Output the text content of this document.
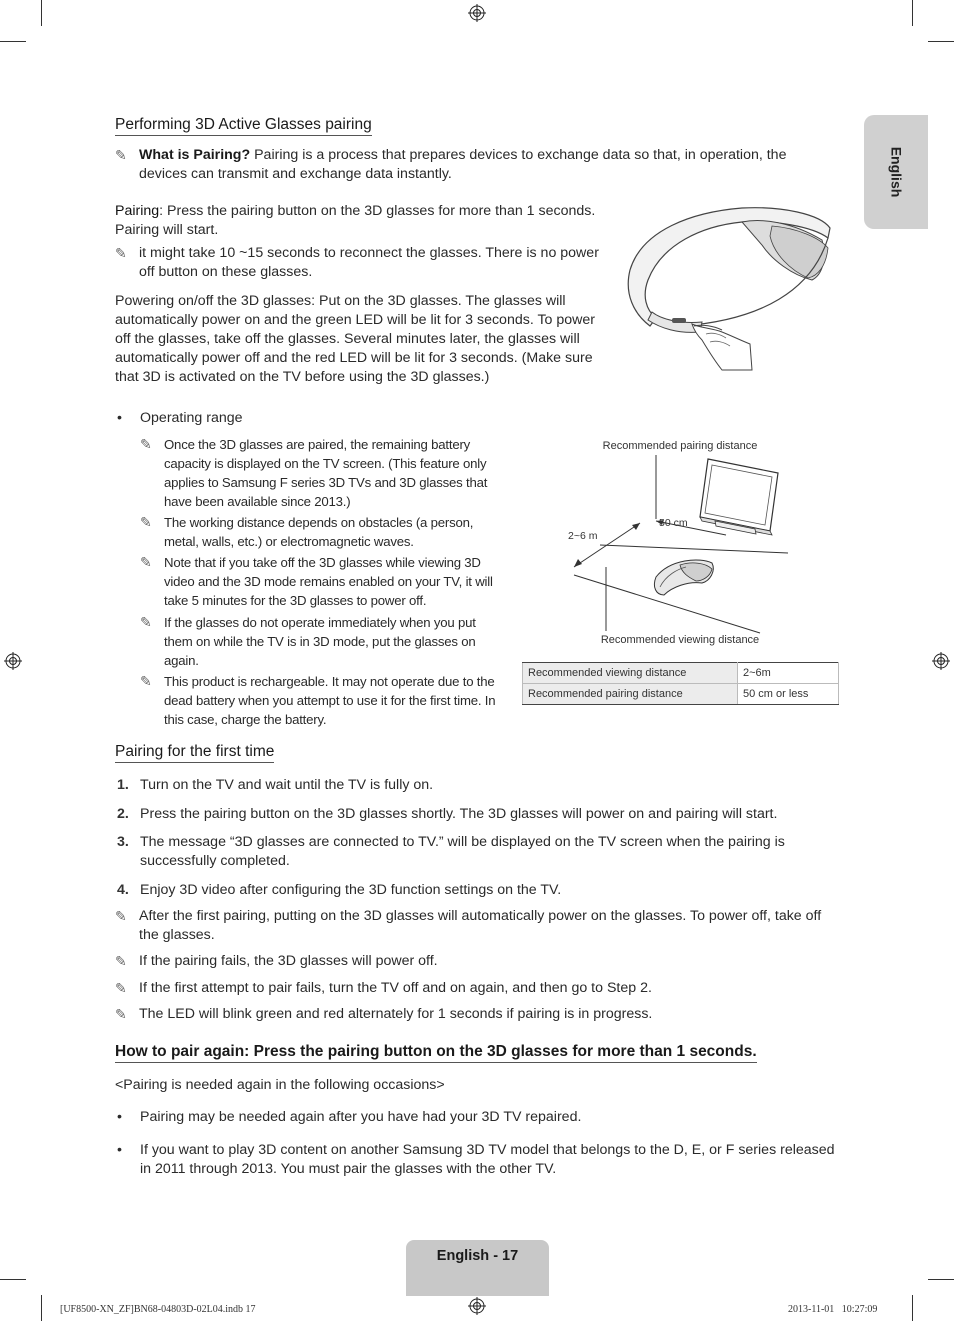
English
Performing 3D Active Glasses pairing
✎ What is Pairing? Pairing is a process that prepares devices to exchange data so that, in operation, the devices can transmit and exchange data instantly.
Pairing: Press the pairing button on the 3D glasses for more than 1 seconds. Pairing will start.
✎ it might take 10 ~15 seconds to reconnect the glasses. There is no power off button on these glasses.
Powering on/off the 3D glasses: Put on the 3D glasses. The glasses will automatically power on and the green LED will be lit for 3 seconds. To power off the glasses, take off the glasses. Several minutes later, the glasses will automatically power off and the red LED will be lit for 3 seconds. (Make sure that 3D is activated on the TV before using the 3D glasses.)
• Operating range
✎ Once the 3D glasses are paired, the remaining battery capacity is displayed on the TV screen. (This feature only applies to Samsung F series 3D TVs and 3D glasses that have been available since 2013.)
✎ The working distance depends on obstacles (a person, metal, walls, etc.) or electromagnetic waves.
✎ Note that if you take off the 3D glasses while viewing 3D video and the 3D mode remains enabled on your TV, it will take 5 minutes for the 3D glasses to power off.
✎ If the glasses do not operate immediately when you put them on while the TV is in 3D mode, put the glasses on again.
✎ This product is rechargeable. It may not operate due to the dead battery when you attempt to use it for the first time. In this case, charge the battery.
Recommended pairing distance
50 cm
2~6 m
Recommended viewing distance
Recommended viewing distance	2~6m
Recommended pairing distance	50 cm or less
Pairing for the first time
1. Turn on the TV and wait until the TV is fully on.
2. Press the pairing button on the 3D glasses shortly. The 3D glasses will power on and pairing will start.
3. The message “3D glasses are connected to TV.” will be displayed on the TV screen when the pairing is successfully completed.
4. Enjoy 3D video after configuring the 3D function settings on the TV.
✎ After the first pairing, putting on the 3D glasses will automatically power on the glasses. To power off, take off the glasses.
✎ If the pairing fails, the 3D glasses will power off.
✎ If the first attempt to pair fails, turn the TV off and on again, and then go to Step 2.
✎ The LED will blink green and red alternately for 1 seconds if pairing is in progress.
How to pair again: Press the pairing button on the 3D glasses for more than 1 seconds.
<Pairing is needed again in the following occasions>
• Pairing may be needed again after you have had your 3D TV repaired.
• If you want to play 3D content on another Samsung 3D TV model that belongs to the D, E, or F series released in 2011 through 2013. You must pair the glasses with the other TV.
English - 17
[UF8500-XN_ZF]BN68-04803D-02L04.indb 17	2013-11-01   10:27:09
